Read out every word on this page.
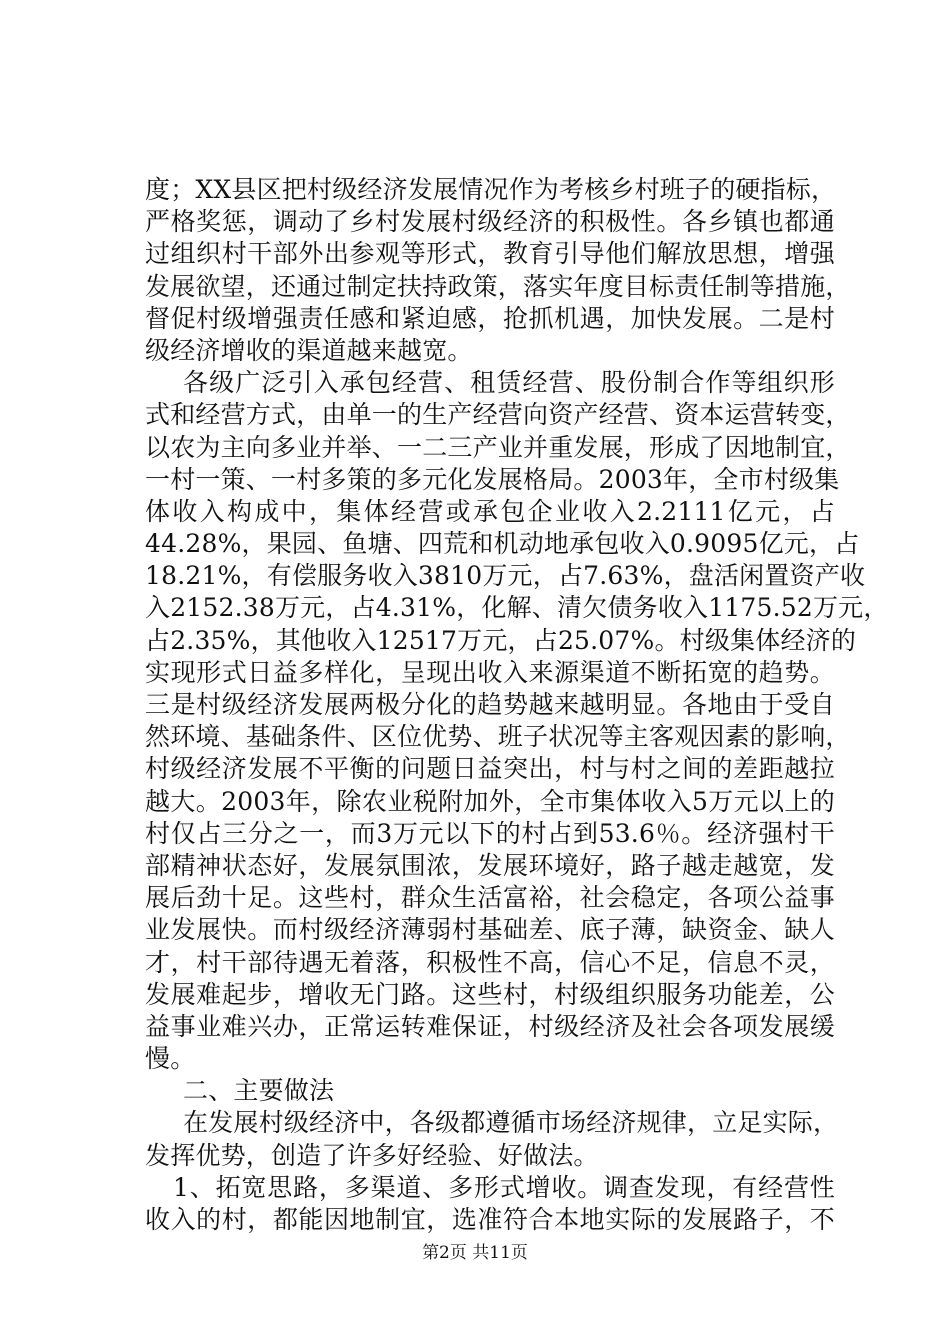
度；XX县区把村级经济发展情况作为考核乡村班子的硬指标，
严格奖惩，调动了乡村发展村级经济的积极性。各乡镇也都通
过组织村干部外出参观等形式，教育引导他们解放思想，增强
发展欲望，还通过制定扶持政策，落实年度目标责任制等措施，
督促村级增强责任感和紧迫感，抢抓机遇，加快发展。二是村
级经济增收的渠道越来越宽。
各级广泛引入承包经营、租赁经营、股份制合作等组织形
式和经营方式，由单一的生产经营向资产经营、资本运营转变，
以农为主向多业并举、一二三产业并重发展，形成了因地制宜，
一村一策、一村多策的多元化发展格局。2003年，全市村级集
体收入构成中，集体经营或承包企业收入2.2111亿元，占
44.28%，果园、鱼塘、四荒和机动地承包收入0.9095亿元，占
18.21%，有偿服务收入3810万元，占7.63%，盘活闲置资产收
入2152.38万元，占4.31%，化解、清欠债务收入1175.52万元，
占2.35%，其他收入12517万元，占25.07%。村级集体经济的
实现形式日益多样化，呈现出收入来源渠道不断拓宽的趋势。
三是村级经济发展两极分化的趋势越来越明显。各地由于受自
然环境、基础条件、区位优势、班子状况等主客观因素的影响，
村级经济发展不平衡的问题日益突出，村与村之间的差距越拉
越大。2003年，除农业税附加外，全市集体收入5万元以上的
村仅占三分之一，而3万元以下的村占到53.6％。经济强村干
部精神状态好，发展氛围浓，发展环境好，路子越走越宽，发
展后劲十足。这些村，群众生活富裕，社会稳定，各项公益事
业发展快。而村级经济薄弱村基础差、底子薄，缺资金、缺人
才，村干部待遇无着落，积极性不高，信心不足，信息不灵，
发展难起步，增收无门路。这些村，村级组织服务功能差，公
益事业难兴办，正常运转难保证，村级经济及社会各项发展缓
慢。
二、主要做法
在发展村级经济中，各级都遵循市场经济规律，立足实际，
发挥优势，创造了许多好经验、好做法。
1、拓宽思路，多渠道、多形式增收。调查发现，有经营性
收入的村，都能因地制宜，选准符合本地实际的发展路子，不
第2页 共11页
